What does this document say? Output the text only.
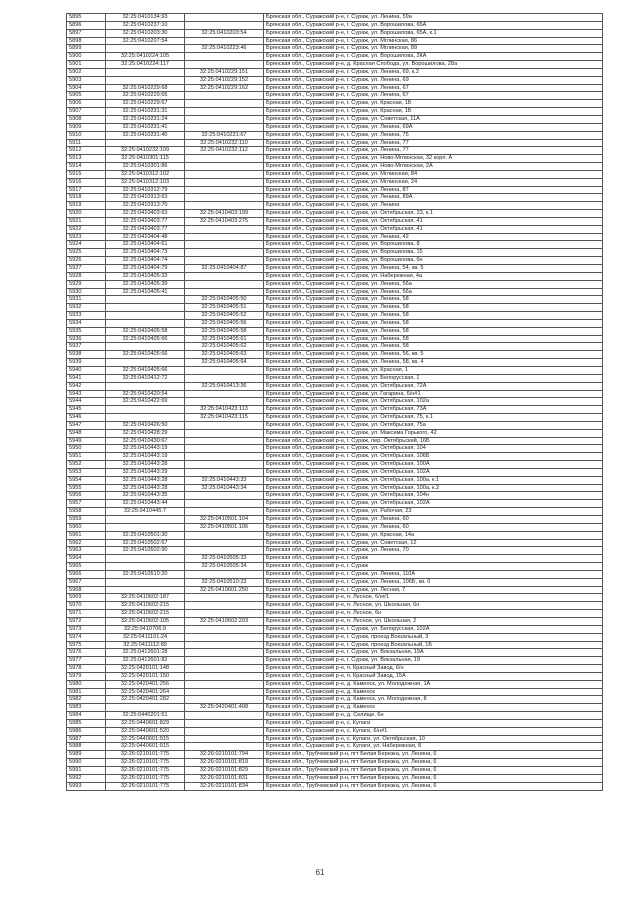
5895	32:25:0410134:93		Брянская обл., Суражский р-н, г. Сураж, ул. Ленина, 59а
5896	32:25:0410237:10		Брянская обл., Суражский р-н, г. Сураж, ул. Ворошилова, 65А
5897	32:25:0410203:30	32:25:0410203:54	Брянская обл., Суражский р-н, г. Сураж, ул. Ворошилова, 65А, к.1
5898	32:25:0410207:54		Брянская обл., Суражский р-н, г. Сураж, ул. Мглинская, 86
5899		32:25:0410223:46	Брянская обл., Суражский р-н, г. Сураж, ул. Мглинская, 89
5900	32:25:0410224:105		Брянская обл., Суражский р-н, г. Сураж, ул. Ворошилова, 2КА
5901	32:25:0410224:117		Брянская обл., Суражский р-н, д. Красная Слобода, ул. Ворошилова, 28а
5902		32:25:0410229:151	Брянская обл., Суражский р-н, г. Сураж, ул. Ленина, 69, к.2
5903		32:25:0410229:152	Брянская обл., Суражский р-н, г. Сураж, ул. Ленина, 69
5904	32:25:0410229:68	32:25:0410229:162	Брянская обл., Суражский р-н, г. Сураж, ул. Ленина, 67
5905	32:25:0410229:65		Брянская обл., Суражский р-н, г. Сураж, ул. Ленина, 67
5906	32:25:0410229:67		Брянская обл., Суражский р-н, г. Сураж, ул. Красная, 1Б
5907	32:25:0410231:31		Брянская обл., Суражский р-н, г. Сураж, ул. Красная, 1Б
5908	32:25:0410231:24		Брянская обл., Суражский р-н, г. Сураж, ул. Советская, 11А
5909	32:25:0410231:41		Брянская обл., Суражский р-н, г. Сураж, ул. Ленина, 69А
5910	32:25:0410231:40	32:25:0410231:67	Брянская обл., Суражский р-н, г. Сураж, ул. Ленина, 75
5911		32:25:0410232:110	Брянская обл., Суражский р-н, г. Сураж, ул. Ленина, 77
5912	32:25:0410232:109	32:25:0410232:112	Брянская обл., Суражский р-н, г. Сураж, ул. Ленина, 77
5913	32:25:0410301:115		Брянская обл., Суражский р-н, г. Сураж, ул. Ново-Мглинская, 32 корп. А
5914	32:25:0410301:86		Брянская обл., Суражский р-н, г. Сураж, ул. Ново-Мглинская, 2А
5915	32:25:0410312:102		Брянская обл., Суражский р-н, г. Сураж, ул. Мглинская, 84
5916	32:25:0410312:103		Брянская обл., Суражский р-н, г. Сураж, ул. Мглинская, 24
5917	32:25:0410312:79		Брянская обл., Суражский р-н, г. Сураж, ул. Ленина, 87
5918	32:25:0410313:63		Брянская обл., Суражский р-н, г. Сураж, ул. Ленина, 89А
5919	32:25:0410313:70		Брянская обл., Суражский р-н, г. Сураж, ул. Ленина
5920	32:25:0410403:63	32:25:0410403:199	Брянская обл., Суражский р-н, г. Сураж, ул. Октябрьская, 23, к.1
5921	32:25:0410403:77	32:25:0410403:275	Брянская обл., Суражский р-н, г. Сураж, ул. Октябрьская, 41
5922	32:25:0410403:77		Брянская обл., Суражский р-н, г. Сураж, ул. Октябрьская, 41
5923	32:25:0410404:48		Брянская обл., Суражский р-н, г. Сураж, ул. Ленина, 42
5924	32:25:0410404:61		Брянская обл., Суражский р-н, г. Сураж, ул. Ворошилова, 8
5925	32:25:0410404:73		Брянская обл., Суражский р-н, г. Сураж, ул. Ворошилова, 15
5926	32:25:0410404:74		Брянская обл., Суражский р-н, г. Сураж, ул. Ворошилова, 6н
5927	32:25:0410404:79	32:25:0410404:87	Брянская обл., Суражский р-н, г. Сураж, ул. Ленина, 54, кв. 5
5928	32:25:0410405:33		Брянская обл., Суражский р-н, г. Сураж, ул. Набережная, 4а
5929	32:25:0410405:39		Брянская обл., Суражский р-н, г. Сураж, ул. Ленина, 56а
5930	32:25:0410405:41		Брянская обл., Суражский р-н, г. Сураж, ул. Ленина, 56а
5931		32:25:0410405:50	Брянская обл., Суражский р-н, г. Сураж, ул. Ленина, 58
5932		32:25:0410405:51	Брянская обл., Суражский р-н, г. Сураж, ул. Ленина, 58
5933		32:25:0410405:52	Брянская обл., Суражский р-н, г. Сураж, ул. Ленина, 58
5934		32:25:0410405:56	Брянская обл., Суражский р-н, г. Сураж, ул. Ленина, 58
5935	32:25:0410405:58	32:25:0410405:58	Брянская обл., Суражский р-н, г. Сураж, ул. Ленина, 58
5936	32:25:0410405:66	32:25:0410405:61	Брянская обл., Суражский р-н, г. Сураж, ул. Ленина, 58
5937		32:25:0410405:62	Брянская обл., Суражский р-н, г. Сураж, ул. Ленина, 58
5938	32:25:0410405:66	32:25:0410405:63	Брянская обл., Суражский р-н, г. Сураж, ул. Ленина, 56, кв. 5
5939		32:25:0410405:64	Брянская обл., Суражский р-н, г. Сураж, ул. Ленина, 58, кв. 4
5940	32:25:0410405:66		Брянская обл., Суражский р-н, г. Сураж, ул. Красная, 1
5941	32:25:0410412:72		Брянская обл., Суражский р-н, г. Сураж, ул. Белорусская, 1
5942		32:25:0410413:36	Брянская обл., Суражский р-н, г. Сураж, ул. Октябрьская, 72А
5943	32:25:0410420:54		Брянская обл., Суражский р-н, г. Сураж, ул. Гагарина, 6/н#1
5944	32:25:0410422:69		Брянская обл., Суражский р-н, г. Сураж, ул. Октябрьская, 102а
5945		32:25:0410423:113	Брянская обл., Суражский р-н, г. Сураж, ул. Октябрьская, 73А
5946		32:25:0410423:115	Брянская обл., Суражский р-н, г. Сураж, ул. Октябрьская, 75, к.1
5947	32:25:0410426:50		Брянская обл., Суражский р-н, г. Сураж, ул. Октябрьская, 75а
5948	32:25:0410428:29		Брянская обл., Суражский р-н, г. Сураж, ул. Максима Горького, 42
5949	32:25:0410430:67		Брянская обл., Суражский р-н, г. Сураж, пер. Октябрьский, 16Б
5950	32:25:0410443:19		Брянская обл., Суражский р-н, г. Сураж, ул. Октябрьская, 104
5951	32:25:0410443:19		Брянская обл., Суражский р-н, г. Сураж, ул. Октябрьская, 106Б
5952	32:25:0410443:28		Брянская обл., Суражский р-н, г. Сураж, ул. Октябрьская, 100А
5953	32:25:0410443:29		Брянская обл., Суражский р-н, г. Сураж, ул. Октябрьская, 102А
5954	32:25:0410443:28	32:25:0410443:33	Брянская обл., Суражский р-н, г. Сураж, ул. Октябрьская, 100а, к.1
5955	32:25:0410443:28	32:25:0410443:34	Брянская обл., Суражский р-н, г. Сураж, ул. Октябрьская, 100а, к.2
5956	32:25:0410443:35		Брянская обл., Суражский р-н, г. Сураж, ул. Октябрьская, 104н
5957	32:25:0410443:44		Брянская обл., Суражский р-н, г. Сураж, ул. Октябрьская, 102А
5958	32:25:0410445:7		Брянская обл., Суражский р-н, г. Сураж, ул. Рабочая, 23
5959		32:25:0410501:104	Брянская обл., Суражский р-н, г. Сураж, ул. Ленина, 60
5960		32:25:0410501:106	Брянская обл., Суражский р-н, г. Сураж, ул. Ленина, 60
5961	32:25:0410501:30		Брянская обл., Суражский р-н, г. Сураж, ул. Красная, 14а
5962	32:25:0410502:67		Брянская обл., Суражский р-н, г. Сураж, ул. Советская, 12
5963	32:25:0410502:90		Брянская обл., Суражский р-н, г. Сураж, ул. Ленина, 70
5964		32:25:0410505:33	Брянская обл., Суражский р-н, г. Сураж
5965		32:25:0410505:34	Брянская обл., Суражский р-н, г. Сураж
5966	32:25:0410510:20		Брянская обл., Суражский р-н, г. Сураж, ул. Ленина, 110А
5967		32:25:0410510:23	Брянская обл., Суражский р-н, г. Сураж, ул. Ленина, 106Б, кв. 0
5968		32:25:0410601:250	Брянская обл., Суражский р-н, г. Сураж, ул. Лесная, 7
5969	32:25:0410602:187		Брянская обл., Суражский р-н, п. Лесное, 6/н#1
5970	32:25:0410602:215		Брянская обл., Суражский р-н, п. Лесное, ул. Школьная, 6н
5971	32:25:0410602:215		Брянская обл., Суражский р-н, п. Лесное, 6н
5972	32:25:0410602:105	32:25:0410602:203	Брянская обл., Суражский р-н, п. Лесное, ул. Школьная, 2
5973	32:25:0410706:9		Брянская обл., Суражский р-н, г. Сураж, ул. Белорусская, 102А
5974	32:25:0411101:24		Брянская обл., Суражский р-н, г. Сураж, проезд Вокзальный, 3
5975	32:25:0411112:89		Брянская обл., Суражский р-н, г. Сураж, проезд Вокзальный, 1Б
5976	32:25:0412601:28		Брянская обл., Суражский р-н, г. Сураж, ул. Вокзальная, 19А
5977	32:25:0412601:82		Брянская обл., Суражский р-н, г. Сураж, ул. Вокзальная, 19
5978	32:25:0420101:148		Брянская обл., Суражский р-н, п. Красный Завод, 6/н
5979	32:25:0420101:150		Брянская обл., Суражский р-н, п. Красный Завод, 15А
5980	32:25:0420401:256		Брянская обл., Суражский р-н, д. Каменск, ул. Молодежная, 1А
5981	32:25:0420401:264		Брянская обл., Суражский р-н, д. Каменск
5982	32:25:0420401:282		Брянская обл., Суражский р-н, д. Каменск, ул. Молодежная, 8
5983		32:25:0420401:408	Брянская обл., Суражский р-н, д. Каменск
5984	32:25:0440201:51		Брянская обл., Суражский р-н, д. Селище, 6н
5985	32:25:0440601:829		Брянская обл., Суражский р-н, с. Кулаги
5986	32:25:0440601:520		Брянская обл., Суражский р-н, с. Кулаги, 6/н#1
5987	32:25:0440601:915		Брянская обл., Суражский р-н, с. Кулаги, ул. Октябрьская, 10
5988	32:25:0440601:915		Брянская обл., Суражский р-н, с. Кулаги, ул. Набережная, 8
5989	32:26:0210101:775	32:26:0210101:794	Брянская обл., Трубчевский р-н, пгт Белая Березка, ул. Ленина, 6
5990	32:26:0210101:775	32:26:0210101:819	Брянская обл., Трубчевский р-н, пгт Белая Березка, ул. Ленина, 6
5991	32:26:0210101:775	32:26:0210101:829	Брянская обл., Трубчевский р-н, пгт Белая Березка, ул. Ленина, 6
5992	32:26:0210101:775	32:26:0210101:831	Брянская обл., Трубчевский р-н, пгт Белая Березка, ул. Ленина, 6
5993	32:26:0210101:775	32:26:0210101:834	Брянская обл., Трубчевский р-н, пгт Белая Березка, ул. Ленина, 6
61
